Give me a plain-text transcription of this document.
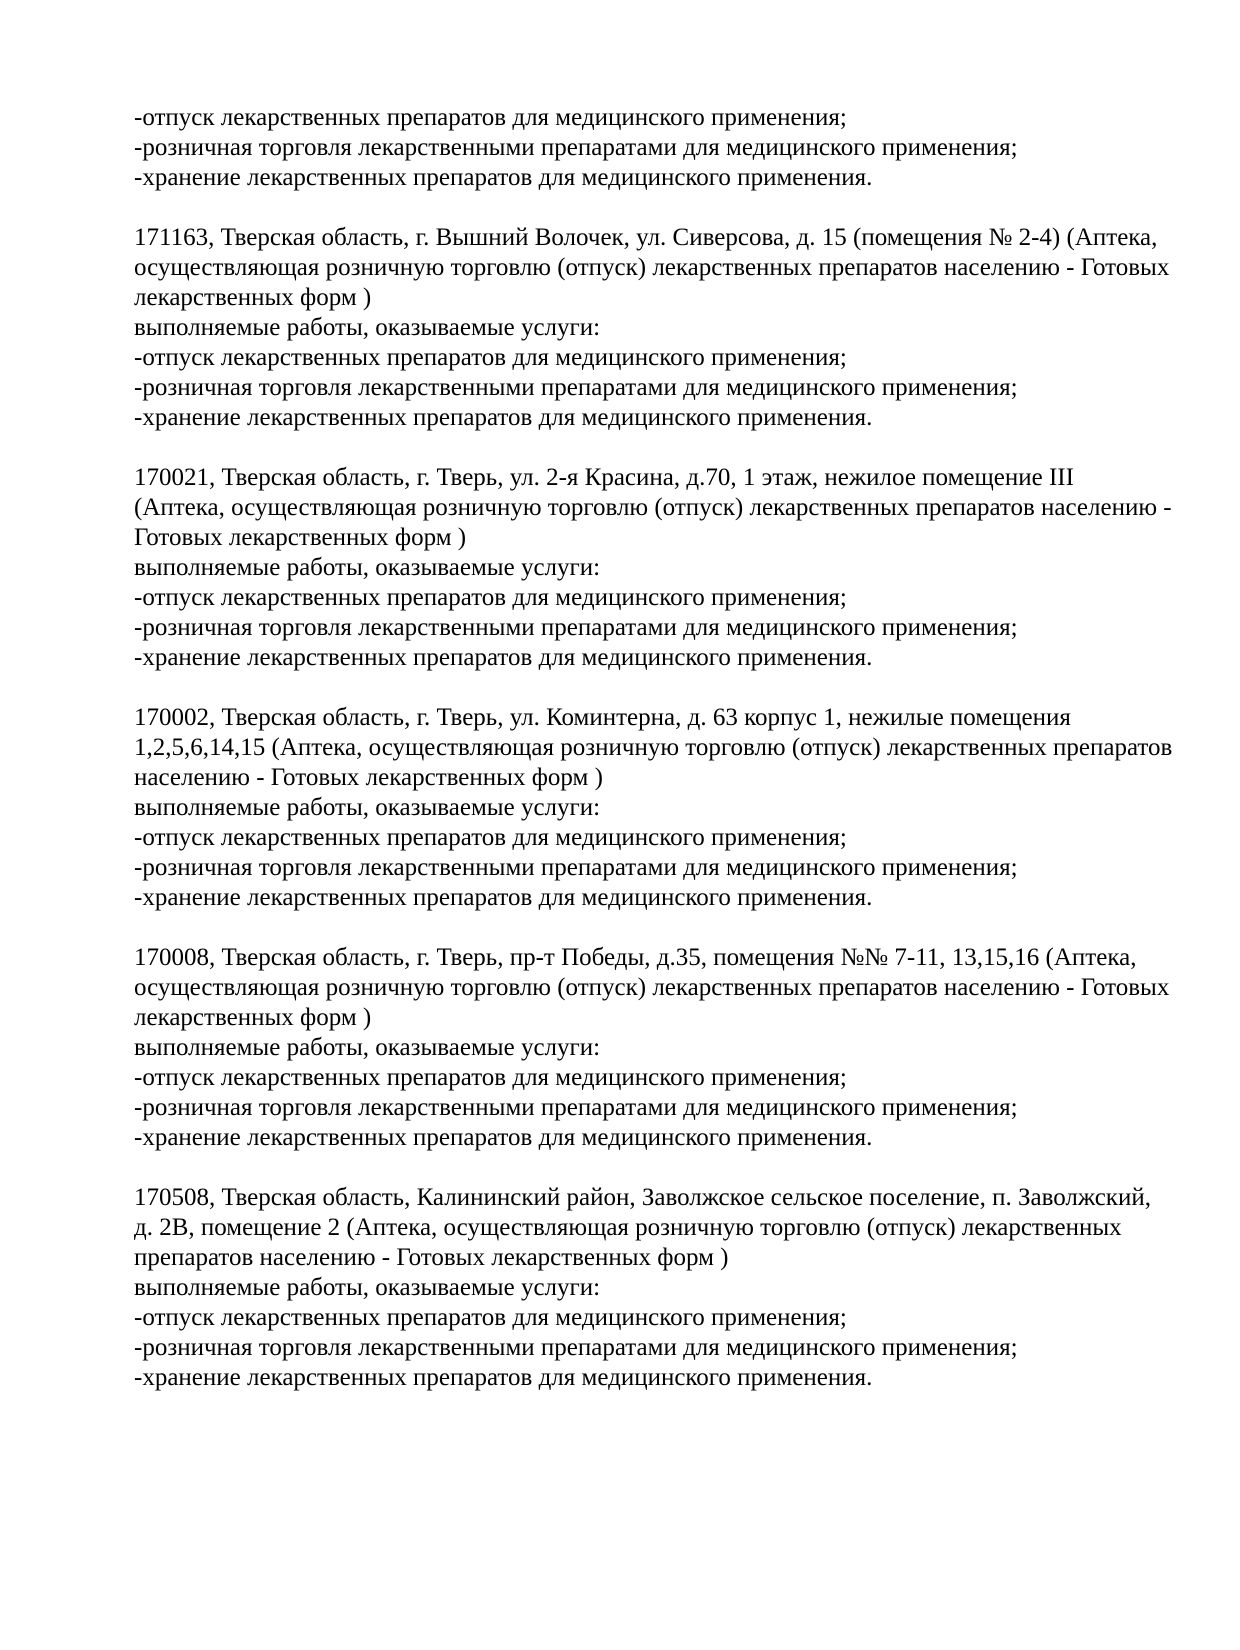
-отпуск лекарственных препаратов для медицинского применения;
-розничная торговля лекарственными препаратами для медицинского применения;
-хранение лекарственных препаратов для медицинского применения.
171163, Тверская область, г. Вышний Волочек, ул. Сиверсова, д. 15 (помещения № 2-4) (Аптека,
осуществляющая розничную торговлю (отпуск) лекарственных препаратов населению - Готовых
лекарственных форм )
выполняемые работы, оказываемые услуги:
-отпуск лекарственных препаратов для медицинского применения;
-розничная торговля лекарственными препаратами для медицинского применения;
-хранение лекарственных препаратов для медицинского применения.
170021, Тверская область, г. Тверь, ул. 2-я Красина, д.70, 1 этаж, нежилое помещение III
(Аптека, осуществляющая розничную торговлю (отпуск) лекарственных препаратов населению -
Готовых лекарственных форм )
выполняемые работы, оказываемые услуги:
-отпуск лекарственных препаратов для медицинского применения;
-розничная торговля лекарственными препаратами для медицинского применения;
-хранение лекарственных препаратов для медицинского применения.
170002, Тверская область, г. Тверь, ул. Коминтерна, д. 63 корпус 1, нежилые помещения
1,2,5,6,14,15 (Аптека, осуществляющая розничную торговлю (отпуск) лекарственных препаратов
населению - Готовых лекарственных форм )
выполняемые работы, оказываемые услуги:
-отпуск лекарственных препаратов для медицинского применения;
-розничная торговля лекарственными препаратами для медицинского применения;
-хранение лекарственных препаратов для медицинского применения.
170008, Тверская область, г. Тверь, пр-т Победы, д.35, помещения №№ 7-11, 13,15,16 (Аптека,
осуществляющая розничную торговлю (отпуск) лекарственных препаратов населению - Готовых
лекарственных форм )
выполняемые работы, оказываемые услуги:
-отпуск лекарственных препаратов для медицинского применения;
-розничная торговля лекарственными препаратами для медицинского применения;
-хранение лекарственных препаратов для медицинского применения.
170508, Тверская область, Калининский район, Заволжское сельское поселение, п. Заволжский,
д. 2В, помещение 2 (Аптека, осуществляющая розничную торговлю (отпуск) лекарственных
препаратов населению - Готовых лекарственных форм )
выполняемые работы, оказываемые услуги:
-отпуск лекарственных препаратов для медицинского применения;
-розничная торговля лекарственными препаратами для медицинского применения;
-хранение лекарственных препаратов для медицинского применения.
